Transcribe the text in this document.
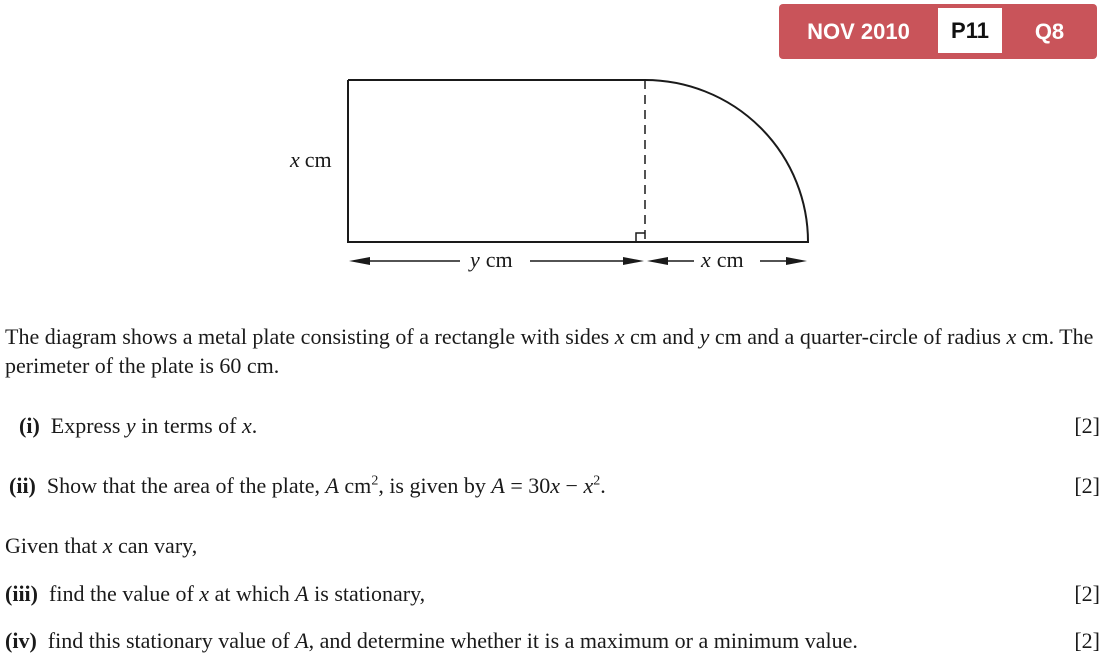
NOV 2010	P11	Q8
x cm
y cm	x cm
The diagram shows a metal plate consisting of a rectangle with sides x cm and y cm and a quarter-circle of radius x cm. The perimeter of the plate is 60 cm.
(i) Express y in terms of x.	[2]
(ii) Show that the area of the plate, A $cm^2$, is given by $A = 30x - x^2$.	[2]
Given that x can vary,
(iii) find the value of x at which A is stationary,	[2]
(iv) find this stationary value of A, and determine whether it is a maximum or a minimum value.	[2]
